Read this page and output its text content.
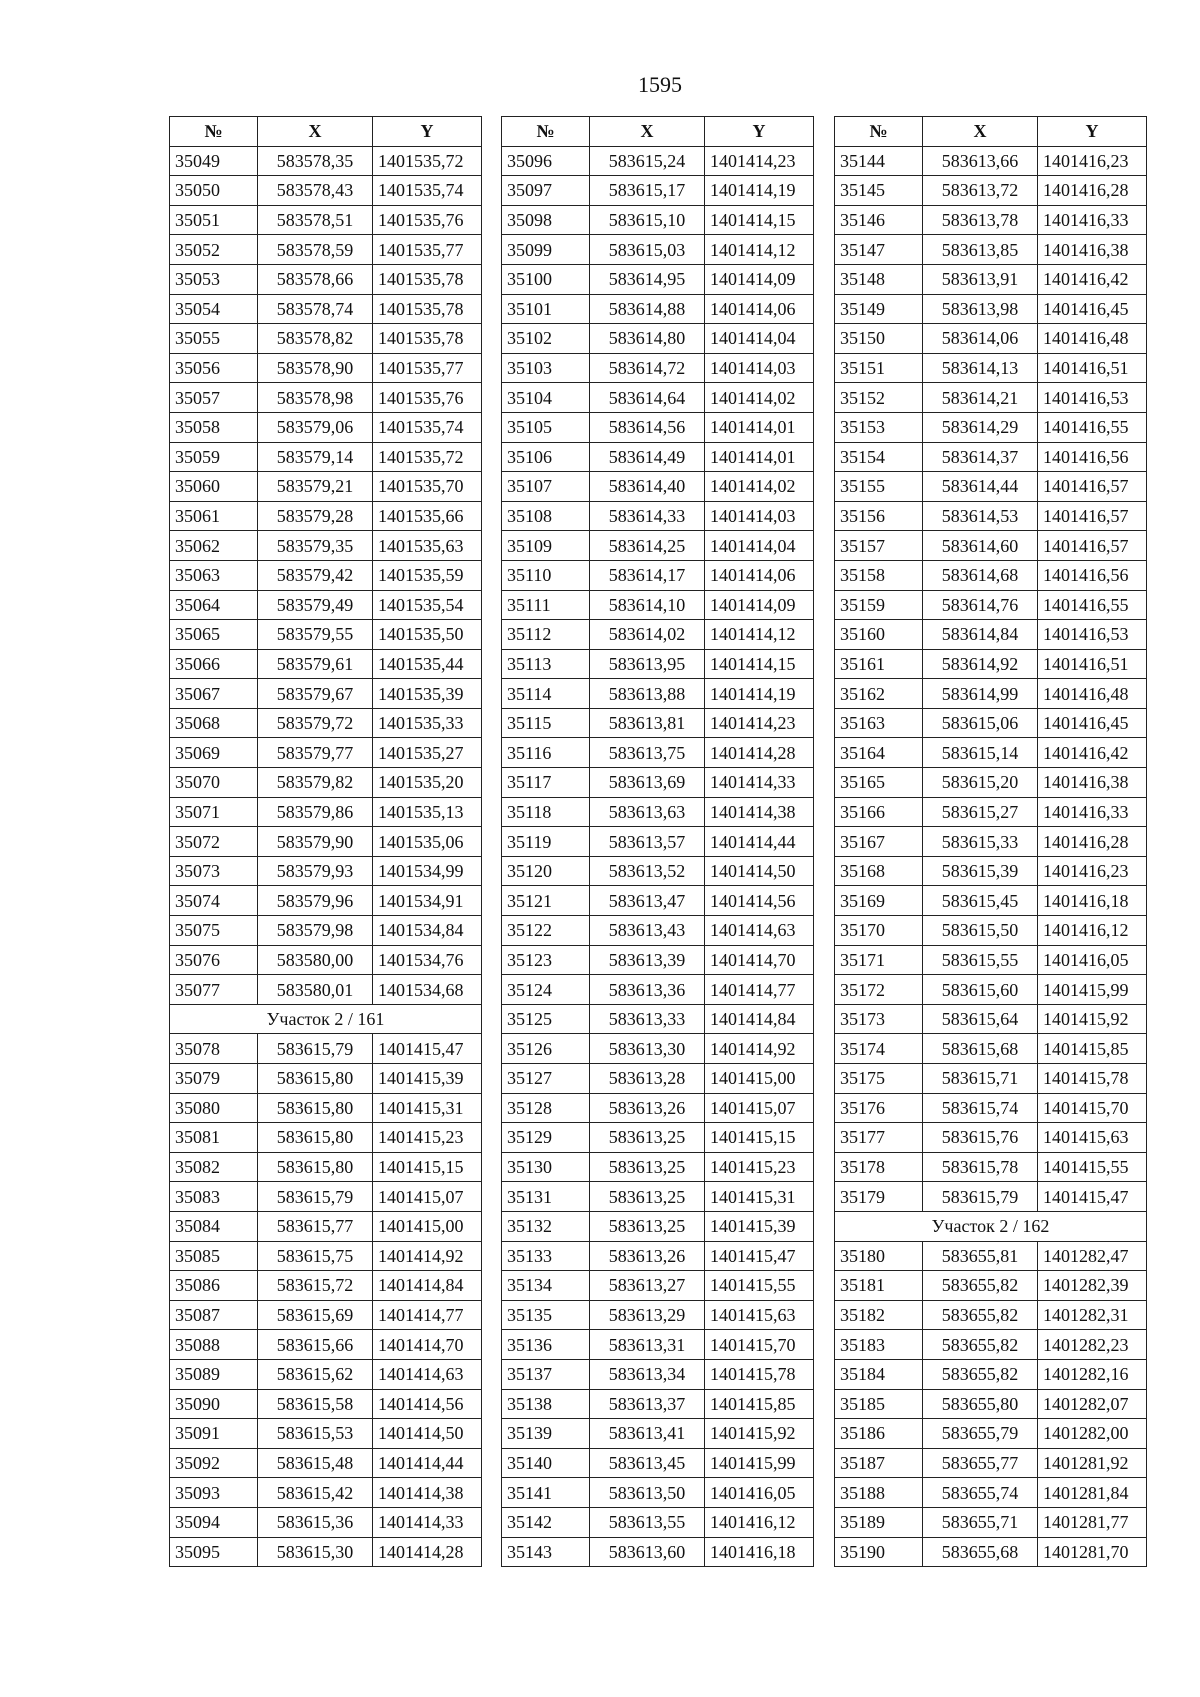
1595
№	X	Y
35049	583578,35	1401535,72
35050	583578,43	1401535,74
35051	583578,51	1401535,76
35052	583578,59	1401535,77
35053	583578,66	1401535,78
35054	583578,74	1401535,78
35055	583578,82	1401535,78
35056	583578,90	1401535,77
35057	583578,98	1401535,76
35058	583579,06	1401535,74
35059	583579,14	1401535,72
35060	583579,21	1401535,70
35061	583579,28	1401535,66
35062	583579,35	1401535,63
35063	583579,42	1401535,59
35064	583579,49	1401535,54
35065	583579,55	1401535,50
35066	583579,61	1401535,44
35067	583579,67	1401535,39
35068	583579,72	1401535,33
35069	583579,77	1401535,27
35070	583579,82	1401535,20
35071	583579,86	1401535,13
35072	583579,90	1401535,06
35073	583579,93	1401534,99
35074	583579,96	1401534,91
35075	583579,98	1401534,84
35076	583580,00	1401534,76
35077	583580,01	1401534,68
Участок 2 / 161		
35078	583615,79	1401415,47
35079	583615,80	1401415,39
35080	583615,80	1401415,31
35081	583615,80	1401415,23
35082	583615,80	1401415,15
35083	583615,79	1401415,07
35084	583615,77	1401415,00
35085	583615,75	1401414,92
35086	583615,72	1401414,84
35087	583615,69	1401414,77
35088	583615,66	1401414,70
35089	583615,62	1401414,63
35090	583615,58	1401414,56
35091	583615,53	1401414,50
35092	583615,48	1401414,44
35093	583615,42	1401414,38
35094	583615,36	1401414,33
35095	583615,30	1401414,28
№	X	Y
35096	583615,24	1401414,23
35097	583615,17	1401414,19
35098	583615,10	1401414,15
35099	583615,03	1401414,12
35100	583614,95	1401414,09
35101	583614,88	1401414,06
35102	583614,80	1401414,04
35103	583614,72	1401414,03
35104	583614,64	1401414,02
35105	583614,56	1401414,01
35106	583614,49	1401414,01
35107	583614,40	1401414,02
35108	583614,33	1401414,03
35109	583614,25	1401414,04
35110	583614,17	1401414,06
35111	583614,10	1401414,09
35112	583614,02	1401414,12
35113	583613,95	1401414,15
35114	583613,88	1401414,19
35115	583613,81	1401414,23
35116	583613,75	1401414,28
35117	583613,69	1401414,33
35118	583613,63	1401414,38
35119	583613,57	1401414,44
35120	583613,52	1401414,50
35121	583613,47	1401414,56
35122	583613,43	1401414,63
35123	583613,39	1401414,70
35124	583613,36	1401414,77
35125	583613,33	1401414,84
35126	583613,30	1401414,92
35127	583613,28	1401415,00
35128	583613,26	1401415,07
35129	583613,25	1401415,15
35130	583613,25	1401415,23
35131	583613,25	1401415,31
35132	583613,25	1401415,39
35133	583613,26	1401415,47
35134	583613,27	1401415,55
35135	583613,29	1401415,63
35136	583613,31	1401415,70
35137	583613,34	1401415,78
35138	583613,37	1401415,85
35139	583613,41	1401415,92
35140	583613,45	1401415,99
35141	583613,50	1401416,05
35142	583613,55	1401416,12
35143	583613,60	1401416,18
№	X	Y
35144	583613,66	1401416,23
35145	583613,72	1401416,28
35146	583613,78	1401416,33
35147	583613,85	1401416,38
35148	583613,91	1401416,42
35149	583613,98	1401416,45
35150	583614,06	1401416,48
35151	583614,13	1401416,51
35152	583614,21	1401416,53
35153	583614,29	1401416,55
35154	583614,37	1401416,56
35155	583614,44	1401416,57
35156	583614,53	1401416,57
35157	583614,60	1401416,57
35158	583614,68	1401416,56
35159	583614,76	1401416,55
35160	583614,84	1401416,53
35161	583614,92	1401416,51
35162	583614,99	1401416,48
35163	583615,06	1401416,45
35164	583615,14	1401416,42
35165	583615,20	1401416,38
35166	583615,27	1401416,33
35167	583615,33	1401416,28
35168	583615,39	1401416,23
35169	583615,45	1401416,18
35170	583615,50	1401416,12
35171	583615,55	1401416,05
35172	583615,60	1401415,99
35173	583615,64	1401415,92
35174	583615,68	1401415,85
35175	583615,71	1401415,78
35176	583615,74	1401415,70
35177	583615,76	1401415,63
35178	583615,78	1401415,55
35179	583615,79	1401415,47
Участок 2 / 162		
35180	583655,81	1401282,47
35181	583655,82	1401282,39
35182	583655,82	1401282,31
35183	583655,82	1401282,23
35184	583655,82	1401282,16
35185	583655,80	1401282,07
35186	583655,79	1401282,00
35187	583655,77	1401281,92
35188	583655,74	1401281,84
35189	583655,71	1401281,77
35190	583655,68	1401281,70
